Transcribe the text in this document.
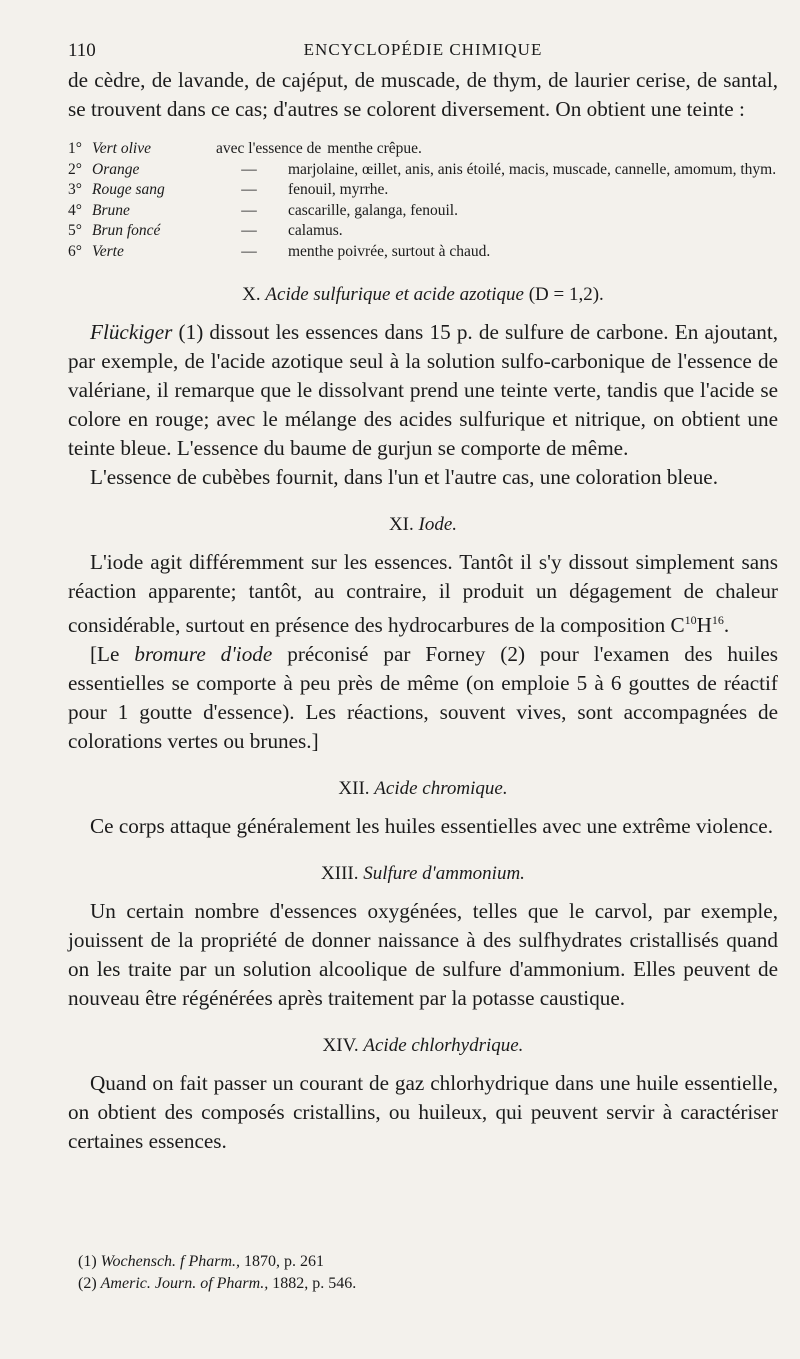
110	ENCYCLOPÉDIE CHIMIQUE

de cèdre, de lavande, de cajéput, de muscade, de thym, de laurier cerise, de santal, se trouvent dans ce cas; d'autres se colorent diversement. On obtient une teinte :

1° Vert olive	avec l'essence de menthe crêpue.
2° Orange	—	marjolaine, œillet, anis, anis étoilé, macis, muscade, cannelle, amomum, thym.
3° Rouge sang	—	fenouil, myrrhe.
4° Brune	—	cascarille, galanga, fenouil.
5° Brun foncé	—	calamus.
6° Verte	—	menthe poivrée, surtout à chaud.
X. Acide sulfurique et acide azotique (D = 1,2).

Flückiger (1) dissout les essences dans 15 p. de sulfure de carbone. En ajoutant, par exemple, de l'acide azotique seul à la solution sulfo-carbonique de l'essence de valériane, il remarque que le dissolvant prend une teinte verte, tandis que l'acide se colore en rouge; avec le mélange des acides sulfurique et nitrique, on obtient une teinte bleue. L'essence du baume de gurjun se comporte de même.

L'essence de cubèbes fournit, dans l'un et l'autre cas, une coloration bleue.

XI. Iode.

L'iode agit différemment sur les essences. Tantôt il s'y dissout simplement sans réaction apparente; tantôt, au contraire, il produit un dégagement de chaleur considérable, surtout en présence des hydrocarbures de la composition $C^{10}H^{16}$.

[Le bromure d'iode préconisé par Forney (2) pour l'examen des huiles essentielles se comporte à peu près de même (on emploie 5 à 6 gouttes de réactif pour 1 goutte d'essence). Les réactions, souvent vives, sont accompagnées de colorations vertes ou brunes.]

XII. Acide chromique.

Ce corps attaque généralement les huiles essentielles avec une extrême violence.

XIII. Sulfure d'ammonium.

Un certain nombre d'essences oxygénées, telles que le carvol, par exemple, jouissent de la propriété de donner naissance à des sulfhydrates cristallisés quand on les traite par un solution alcoolique de sulfure d'ammonium. Elles peuvent de nouveau être régénérées après traitement par la potasse caustique.

XIV. Acide chlorhydrique.

Quand on fait passer un courant de gaz chlorhydrique dans une huile essentielle, on obtient des composés cristallins, ou huileux, qui peuvent servir à caractériser certaines essences.

(1) Wochensch. f Pharm., 1870, p. 261
(2) Americ. Journ. of Pharm., 1882, p. 546.
